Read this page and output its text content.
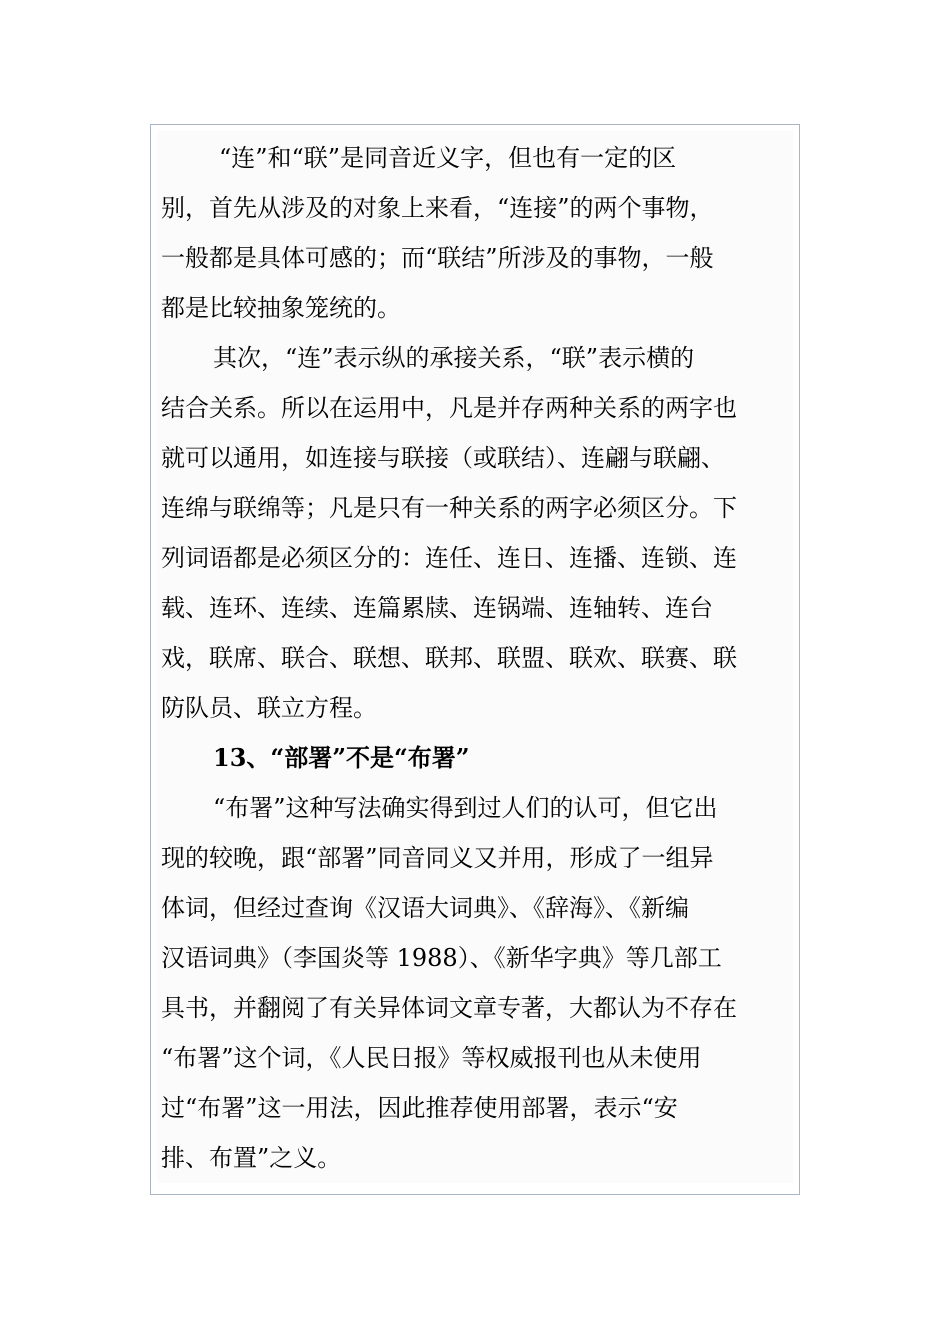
“连”和“联”是同音近义字，但也有一定的区
别，首先从涉及的对象上来看，“连接”的两个事物，
一般都是具体可感的；而“联结”所涉及的事物，一般
都是比较抽象笼统的。
其次，“连”表示纵的承接关系，“联”表示横的
结合关系。所以在运用中，凡是并存两种关系的两字也
就可以通用，如连接与联接（或联结）、连翩与联翩、
连绵与联绵等；凡是只有一种关系的两字必须区分。下
列词语都是必须区分的：连任、连日、连播、连锁、连
载、连环、连续、连篇累牍、连锅端、连轴转、连台
戏，联席、联合、联想、联邦、联盟、联欢、联赛、联
防队员、联立方程。
13、“部署”不是“布署”
“布署”这种写法确实得到过人们的认可，但它出
现的较晚，跟“部署”同音同义又并用，形成了一组异
体词，但经过查询《汉语大词典》、《辞海》、《新编
汉语词典》（李国炎等 1988）、《新华字典》等几部工
具书，并翻阅了有关异体词文章专著，大都认为不存在
“布署”这个词，《人民日报》等权威报刊也从未使用
过“布署”这一用法，因此推荐使用部署，表示“安
排、布置”之义。
